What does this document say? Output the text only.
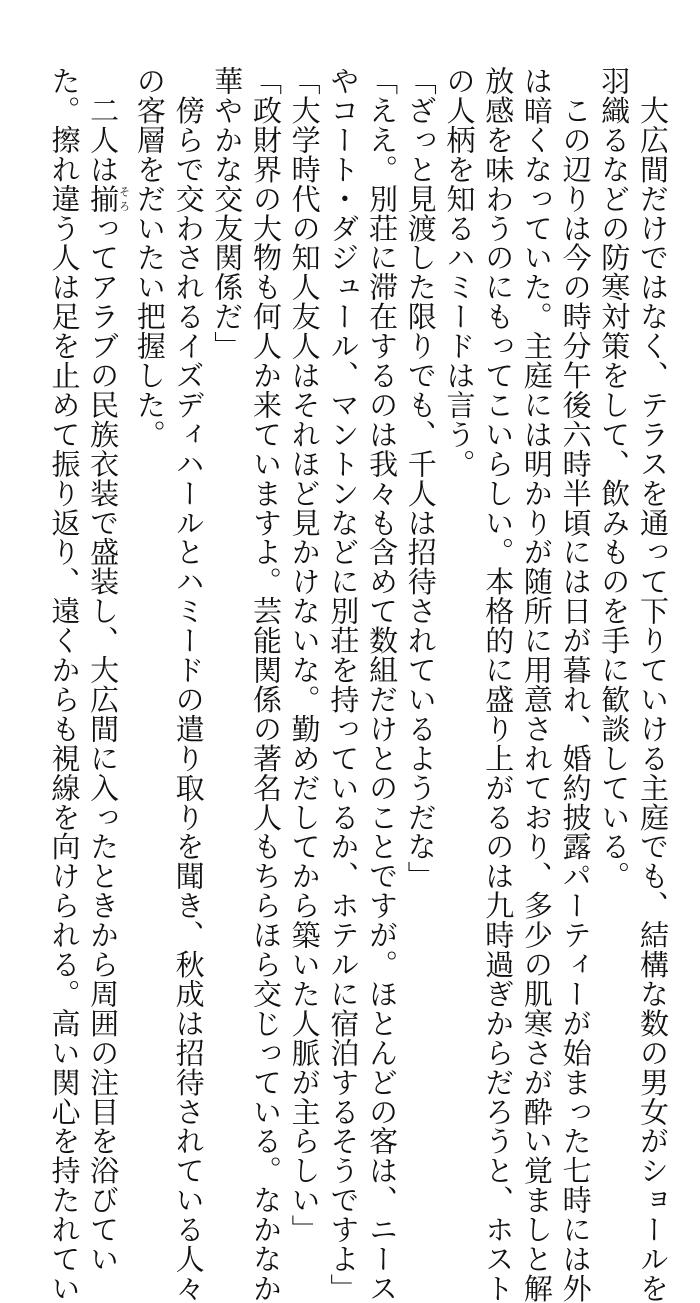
　大広間だけではなく、テラスを通って下りていける主庭でも、結構な数の男女がショールを
羽織るなどの防寒対策をして、飲みものを手に歓談している。
　この辺りは今の時分午後六時半頃には日が暮れ、婚約披露パーティーが始まった七時には外
は暗くなっていた。主庭には明かりが随所に用意されており、多少の肌寒さが酔い覚ましと解
放感を味わうのにもってこいらしい。本格的に盛り上がるのは九時過ぎからだろうと、ホスト
の人柄を知るハミードは言う。
「ざっと見渡した限りでも、千人は招待されているようだな」
「ええ。別荘に滞在するのは我々も含めて数組だけとのことですが。ほとんどの客は、ニース
やコート・ダジュール、マントンなどに別荘を持っているか、ホテルに宿泊するそうですよ」
「大学時代の知人友人はそれほど見かけないな。勤めだしてから築いた人脈が主らしい」
「政財界の大物も何人か来ていますよ。芸能関係の著名人もちらほら交じっている。なかなか
華やかな交友関係だ」
　傍らで交わされるイズディハールとハミードの遣り取りを聞き、秋成は招待されている人々
の客層をだいたい把握した。
　二人は揃そろってアラブの民族衣装で盛装し、大広間に入ったときから周囲の注目を浴びてい
た。擦れ違う人は足を止めて振り返り、遠くからも視線を向けられる。高い関心を持たれてい
